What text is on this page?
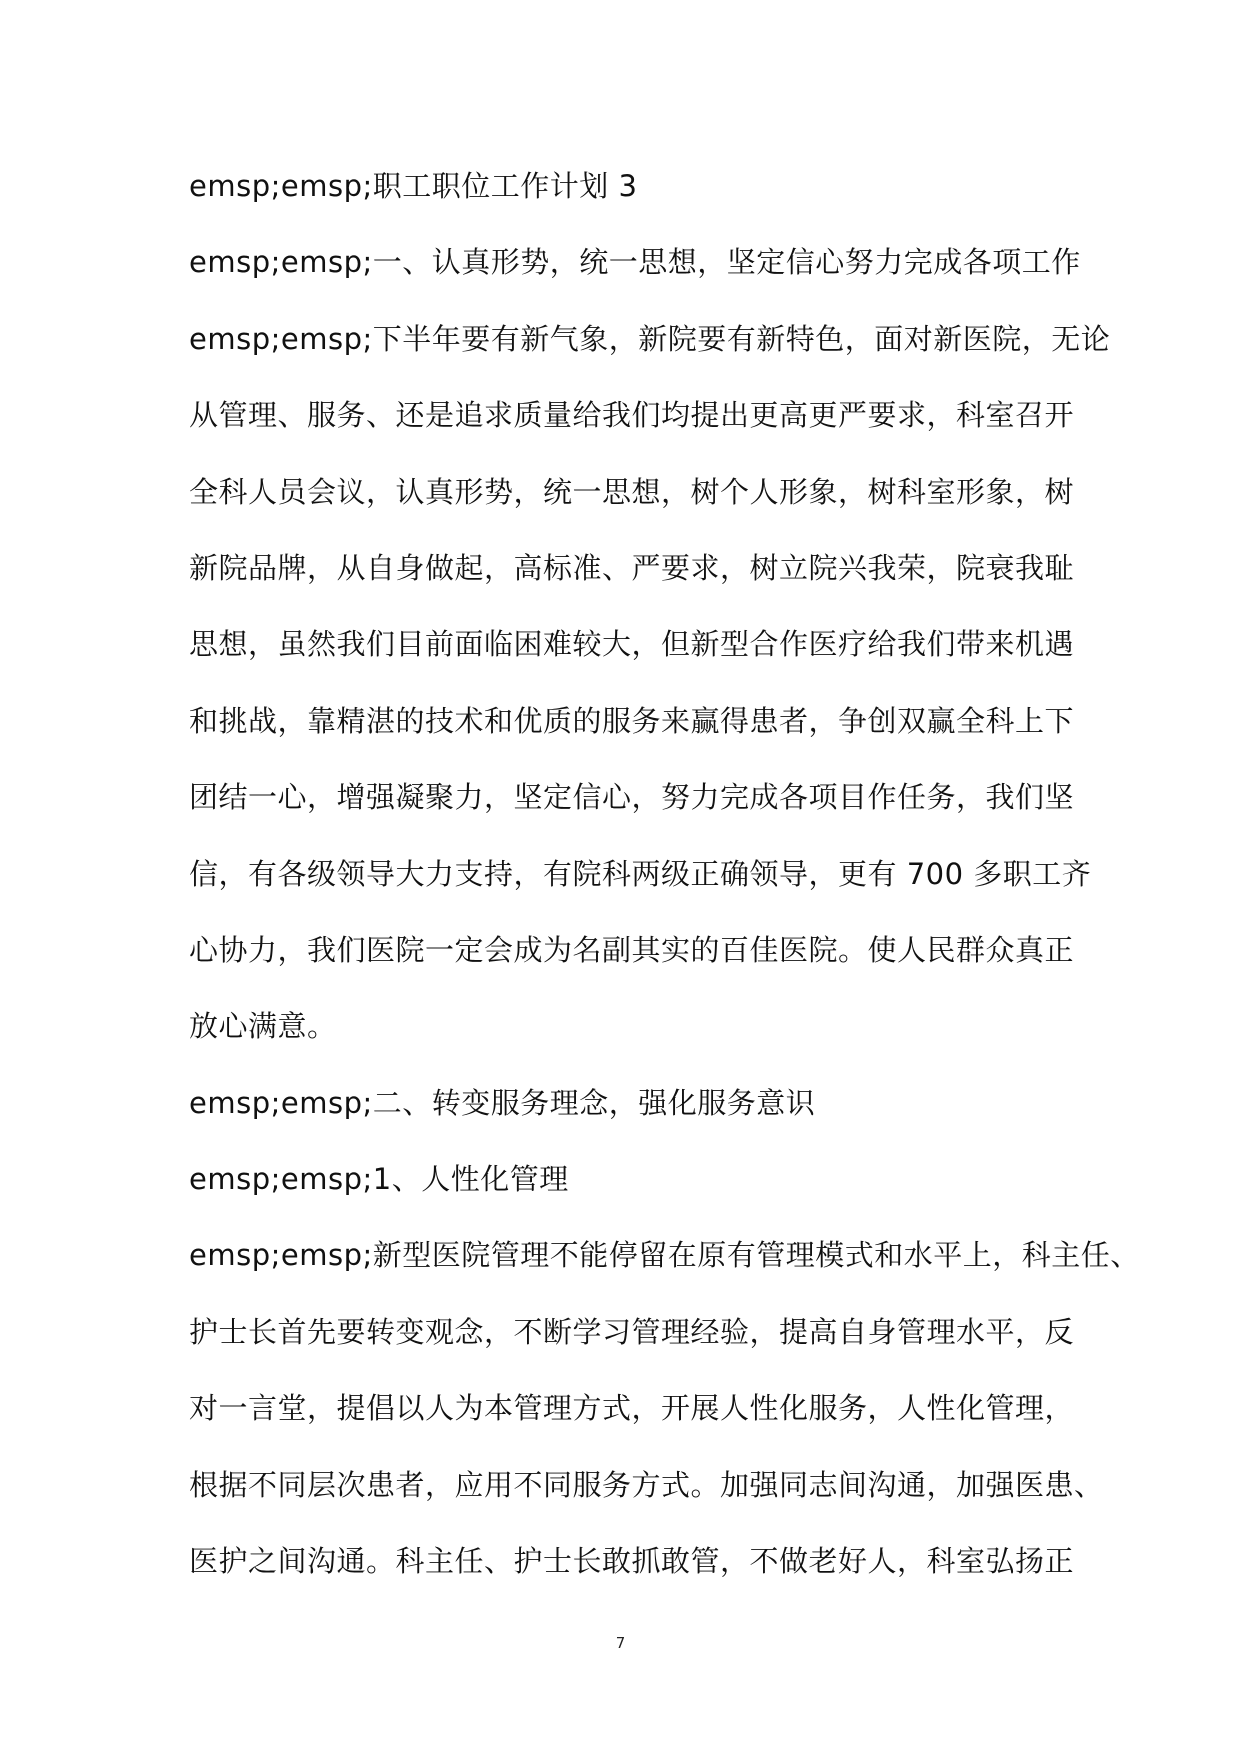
emsp;emsp;职工职位工作计划 3
emsp;emsp;一、认真形势，统一思想，坚定信心努力完成各项工作
emsp;emsp;下半年要有新气象，新院要有新特色，面对新医院，无论
从管理、服务、还是追求质量给我们均提出更高更严要求，科室召开
全科人员会议，认真形势，统一思想，树个人形象，树科室形象，树
新院品牌，从自身做起，高标准、严要求，树立院兴我荣，院衰我耻
思想，虽然我们目前面临困难较大，但新型合作医疗给我们带来机遇
和挑战，靠精湛的技术和优质的服务来赢得患者，争创双赢全科上下
团结一心，增强凝聚力，坚定信心，努力完成各项目作任务，我们坚
信，有各级领导大力支持，有院科两级正确领导，更有 700 多职工齐
心协力，我们医院一定会成为名副其实的百佳医院。使人民群众真正
放心满意。
emsp;emsp;二、转变服务理念，强化服务意识
emsp;emsp;1、人性化管理
emsp;emsp;新型医院管理不能停留在原有管理模式和水平上，科主任、
护士长首先要转变观念，不断学习管理经验，提高自身管理水平，反
对一言堂，提倡以人为本管理方式，开展人性化服务，人性化管理，
根据不同层次患者，应用不同服务方式。加强同志间沟通，加强医患、
医护之间沟通。科主任、护士长敢抓敢管，不做老好人，科室弘扬正
7
